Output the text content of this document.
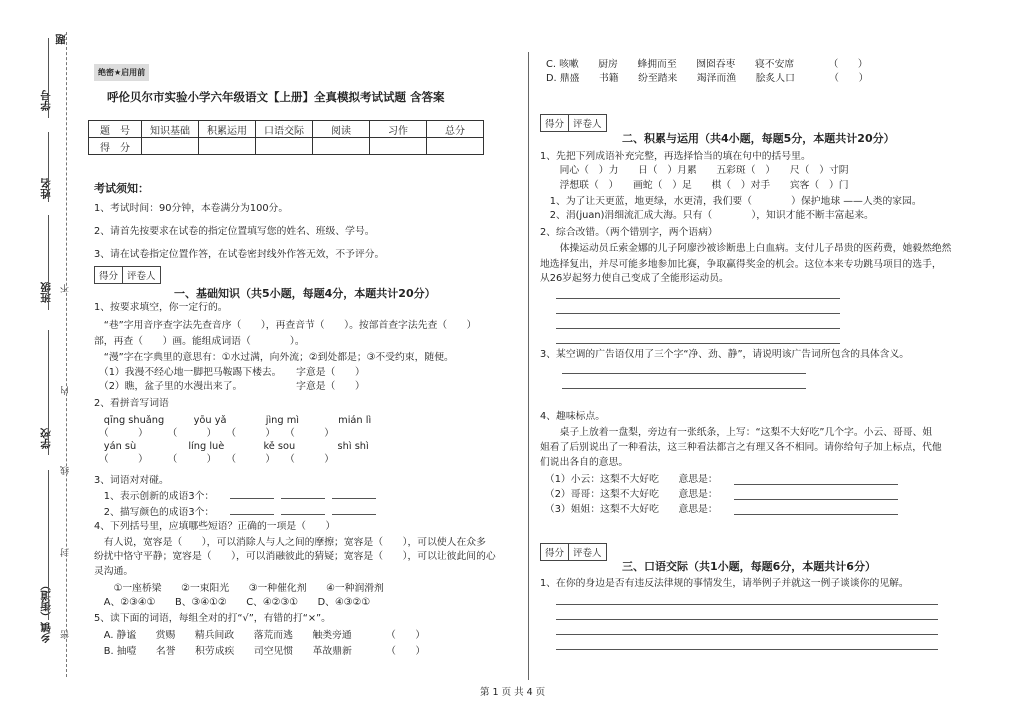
题
学号
姓名
班级
学校
乡镇（街道）
不
内
线
封
密
绝密★启用前
呼伦贝尔市实验小学六年级语文【上册】全真模拟考试试题 含答案
题　号	知识基础	积累运用	口语交际	阅读	习作	总分
得　分						
考试须知：
1、考试时间：90分钟，本卷满分为100分。
2、请首先按要求在试卷的指定位置填写您的姓名、班级、学号。
3、请在试卷指定位置作答，在试卷密封线外作答无效，不予评分。
得分 评卷人
一、基础知识（共5小题，每题4分，本题共计20分）
1、按要求填空，你一定行的。
　“巷”字用音序查字法先查音序（　　），再查音节（　　）。按部首查字法先查（　　）
部，再查（　　）画。能组成词语（　　　　）。
　“漫”字在字典里的意思有：①水过满，向外流；②到处都是；③不受约束，随便。
　（1）我漫不经心地一脚把马鞍踢下楼去。　　字意是（　　）
　（2）瞧，盆子里的水漫出来了。　　　　　　字意是（　　）
2、看拼音写词语
　qīng shuǎng　　　yōu yǎ　　　　jìng mì　　　　mián lì
　（　　　）　　　（　　　）　　（　　　）　　（　　　）
　yán sù　　　　　 líng luè　　　　kě sou　　　　 shì shì
　（　　　）　　　（　　　）　　（　　　）　　（　　　）
3、词语对对碰。
　1、表示创新的成语3个：
　2、描写颜色的成语3个：
4、下列括号里，应填哪些短语？正确的一项是（　　）
　有人说，宽容是（　　），可以消除人与人之间的摩擦；宽容是（　　），可以使人在众多
纷扰中恪守平静；宽容是（　　），可以消融彼此的猜疑；宽容是（　　），可以让彼此间的心
灵沟通。
　　①一座桥梁　　②一束阳光　　③一种催化剂　　④一种润滑剂
　A、②③④①　　B、③④①②　　C、④②③①　　D、④③②①
5、读下面的词语，每组全对的打“√”，有错的打“×”。
　A. 静谧　　赏赐　　精兵间政　　落荒而逃　　触类旁通　　　　（　　）
　B. 抽噎　　名誉　　积劳成疾　　司空见惯　　革故鼎新　　　　（　　）
C. 咳嗽　　厨房　　蜂拥而至　　囫囵吞枣　　寝不安席　　　　（　　）
D. 鼎盛　　书籍　　纷至踏来　　竭泽而渔　　脍炙人口　　　　（　　）
得分 评卷人
二、积累与运用（共4小题，每题5分，本题共计20分）
1、先把下列成语补充完整，再选择恰当的填在句中的括号里。
　　同心（　）力　　日（　）月累　　五彩斑（　）　　尺（　）寸阴
　　浮想联（　）　　画蛇（　）足　　棋（　）对手　　宾客（　）门
　1、为了让天更蓝，地更绿，水更清，我们要（　　　　）保护地球 ——人类的家园。
　2、涓(juan)涓细流汇成大海。只有（　　　　），知识才能不断丰富起来。
2、综合改错。（两个错别字，两个语病）
　　体操运动员丘索金娜的儿子阿廖沙被诊断患上白血病。支付儿子昂贵的医药费，她毅然绝然
地选择复出，并尽可能多地参加比赛，争取赢得奖金的机会。这位本来专功跳马项目的选手，
从26岁起努力使自己变成了全能形运动员。
3、某空调的广告语仅用了三个字“净、劲、静”，请说明该广告词所包含的具体含义。
4、趣味标点。
　　桌子上放着一盘梨，旁边有一张纸条，上写：“这梨不大好吃”几个字。小云、哥哥、姐
姐看了后别说出了一种看法，这三种看法都言之有理又各不相同。请你给句子加上标点，代他
们说出各自的意思。
　（1）小云：这梨不大好吃　　意思是：
　（2）哥哥：这梨不大好吃　　意思是：
　（3）姐姐：这梨不大好吃　　意思是：
得分 评卷人
三、口语交际（共1小题，每题6分，本题共计6分）
1、在你的身边是否有违反法律规的事情发生，请举例子并就这一例子谈谈你的见解。
第 1 页 共 4 页
